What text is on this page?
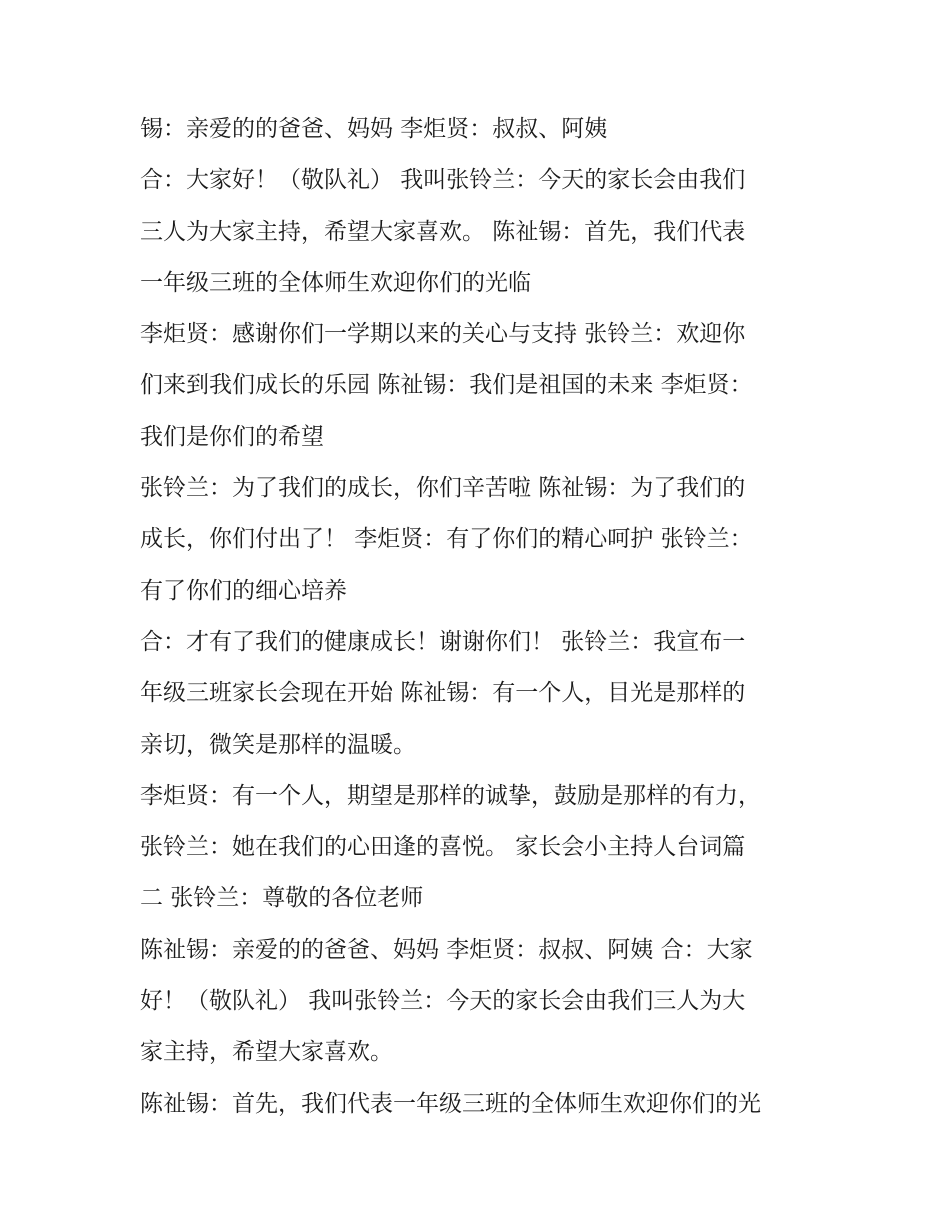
锡：亲爱的的爸爸、妈妈 李炬贤：叔叔、阿姨
合：大家好！（敬队礼） 我叫张铃兰：今天的家长会由我们
三人为大家主持，希望大家喜欢。 陈祉锡：首先，我们代表
一年级三班的全体师生欢迎你们的光临
李炬贤：感谢你们一学期以来的关心与支持 张铃兰：欢迎你
们来到我们成长的乐园 陈祉锡：我们是祖国的未来 李炬贤：
我们是你们的希望
张铃兰：为了我们的成长，你们辛苦啦 陈祉锡：为了我们的
成长，你们付出了！ 李炬贤：有了你们的精心呵护 张铃兰：
有了你们的细心培养
合：才有了我们的健康成长！谢谢你们！ 张铃兰：我宣布一
年级三班家长会现在开始 陈祉锡：有一个人，目光是那样的
亲切，微笑是那样的温暖。
李炬贤：有一个人，期望是那样的诚挚，鼓励是那样的有力，
张铃兰：她在我们的心田逢的喜悦。 家长会小主持人台词篇
二 张铃兰：尊敬的各位老师
陈祉锡：亲爱的的爸爸、妈妈 李炬贤：叔叔、阿姨 合：大家
好！（敬队礼） 我叫张铃兰：今天的家长会由我们三人为大
家主持，希望大家喜欢。
陈祉锡：首先，我们代表一年级三班的全体师生欢迎你们的光
